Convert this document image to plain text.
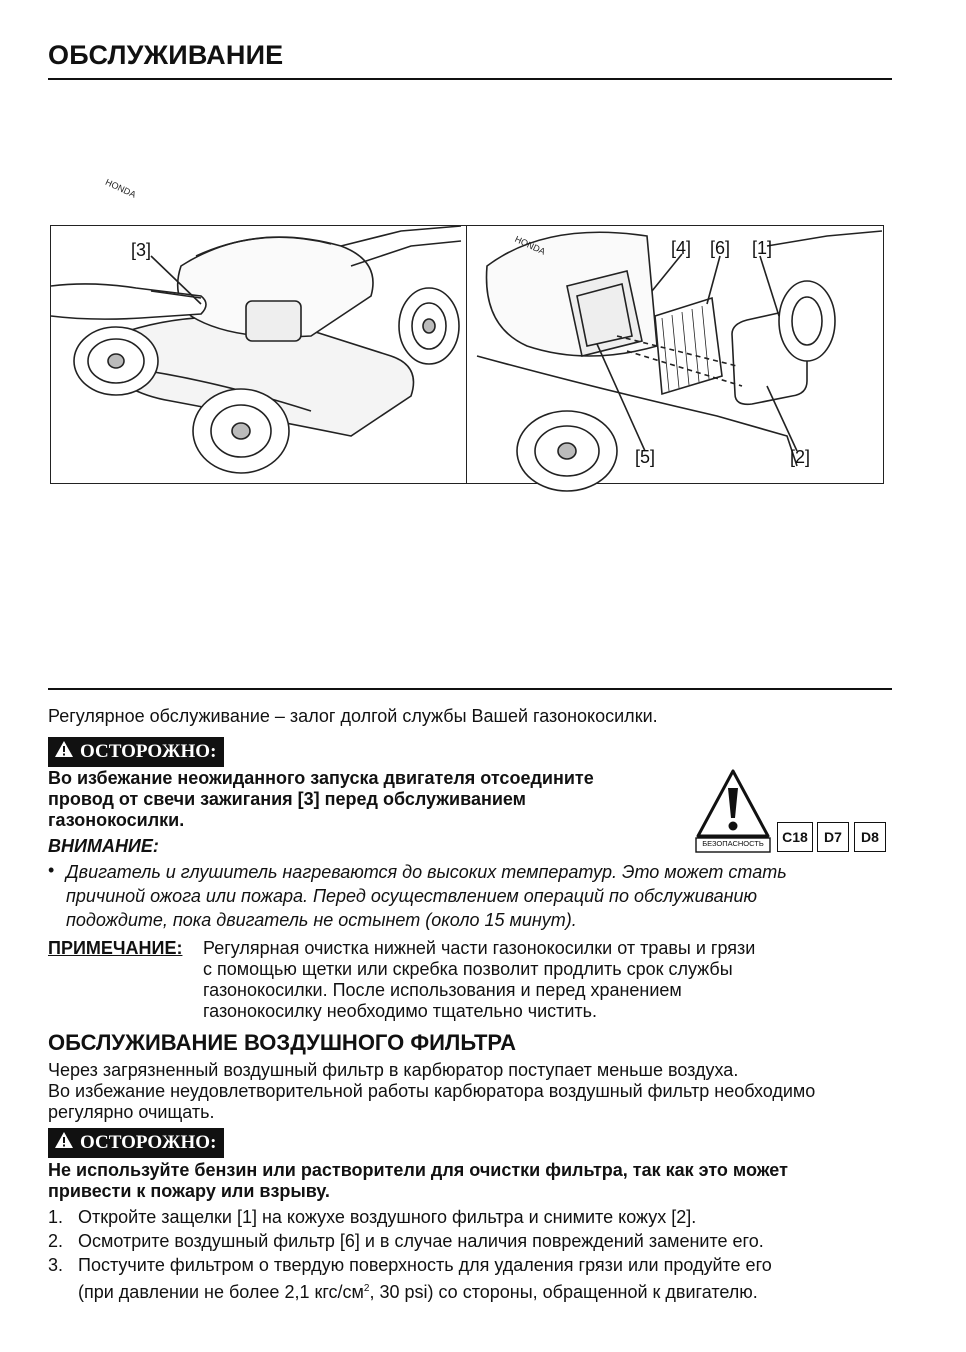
ОБСЛУЖИВАНИЕ
HONDA
[3]	HONDA	[4] [6] [1]
[5]	[2]
Регулярное обслуживание – залог долгой службы Вашей газонокосилки.
ОСТОРОЖНО:
Во избежание неожиданного запуска двигателя отсоедините
провод от свечи зажигания [3] перед обслуживанием
газонокосилки.
БЕЗОПАСНОСТЬ	C18	D7	D8
ВНИМАНИЕ:
• Двигатель и глушитель нагреваются до высоких температур. Это может стать
причиной ожога или пожара. Перед осуществлением операций по обслуживанию
подождите, пока двигатель не остынет (около 15 минут).
ПРИМЕЧАНИЕ: Регулярная очистка нижней части газонокосилки от травы и грязи
с помощью щетки или скребка позволит продлить срок службы
газонокосилки. После использования и перед хранением
газонокосилку необходимо тщательно чистить.
ОБСЛУЖИВАНИЕ ВОЗДУШНОГО ФИЛЬТРА
Через загрязненный воздушный фильтр в карбюратор поступает меньше воздуха.
Во избежание неудовлетворительной работы карбюратора воздушный фильтр необходимо
регулярно очищать.
ОСТОРОЖНО:
Не используйте бензин или растворители для очистки фильтра, так как это может
привести к пожару или взрыву.
1. Откройте защелки [1] на кожухе воздушного фильтра и снимите кожух [2].
2. Осмотрите воздушный фильтр [6] и в случае наличия повреждений замените его.
3. Постучите фильтром о твердую поверхность для удаления грязи или продуйте его
(при давлении не более 2,1 кгс/$см^2$, 30 psi) со стороны, обращенной к двигателю.
